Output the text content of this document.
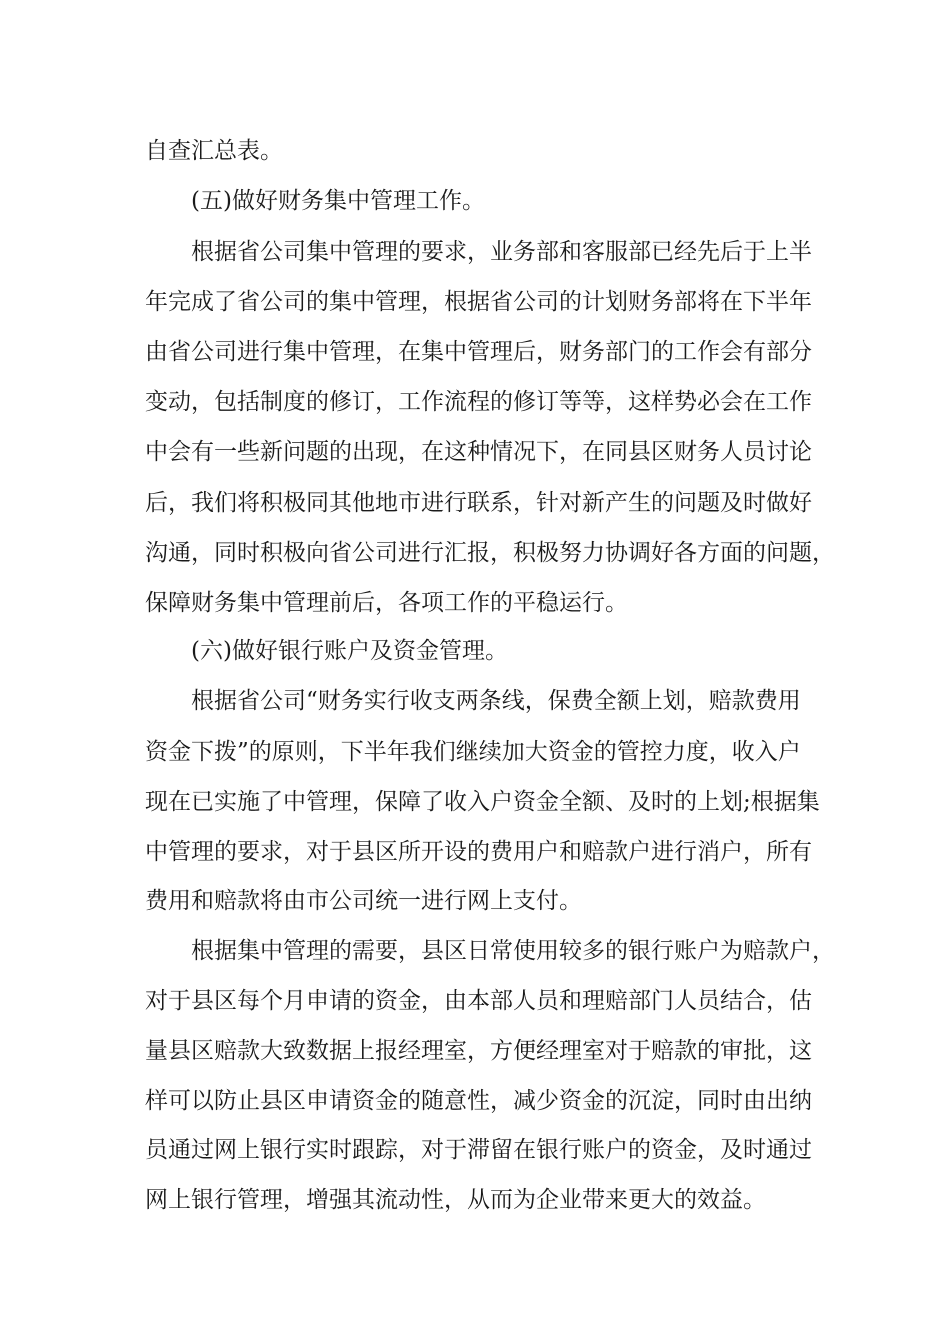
自查汇总表。
(五)做好财务集中管理工作。
根据省公司集中管理的要求，业务部和客服部已经先后于上半
年完成了省公司的集中管理，根据省公司的计划财务部将在下半年
由省公司进行集中管理，在集中管理后，财务部门的工作会有部分
变动，包括制度的修订，工作流程的修订等等，这样势必会在工作
中会有一些新问题的出现，在这种情况下，在同县区财务人员讨论
后，我们将积极同其他地市进行联系，针对新产生的问题及时做好
沟通，同时积极向省公司进行汇报，积极努力协调好各方面的问题，
保障财务集中管理前后，各项工作的平稳运行。
(六)做好银行账户及资金管理。
根据省公司“财务实行收支两条线，保费全额上划，赔款费用
资金下拨”的原则，下半年我们继续加大资金的管控力度，收入户
现在已实施了中管理，保障了收入户资金全额、及时的上划;根据集
中管理的要求，对于县区所开设的费用户和赔款户进行消户，所有
费用和赔款将由市公司统一进行网上支付。
根据集中管理的需要，县区日常使用较多的银行账户为赔款户，
对于县区每个月申请的资金，由本部人员和理赔部门人员结合，估
量县区赔款大致数据上报经理室，方便经理室对于赔款的审批，这
样可以防止县区申请资金的随意性，减少资金的沉淀，同时由出纳
员通过网上银行实时跟踪，对于滞留在银行账户的资金，及时通过
网上银行管理，增强其流动性，从而为企业带来更大的效益。
